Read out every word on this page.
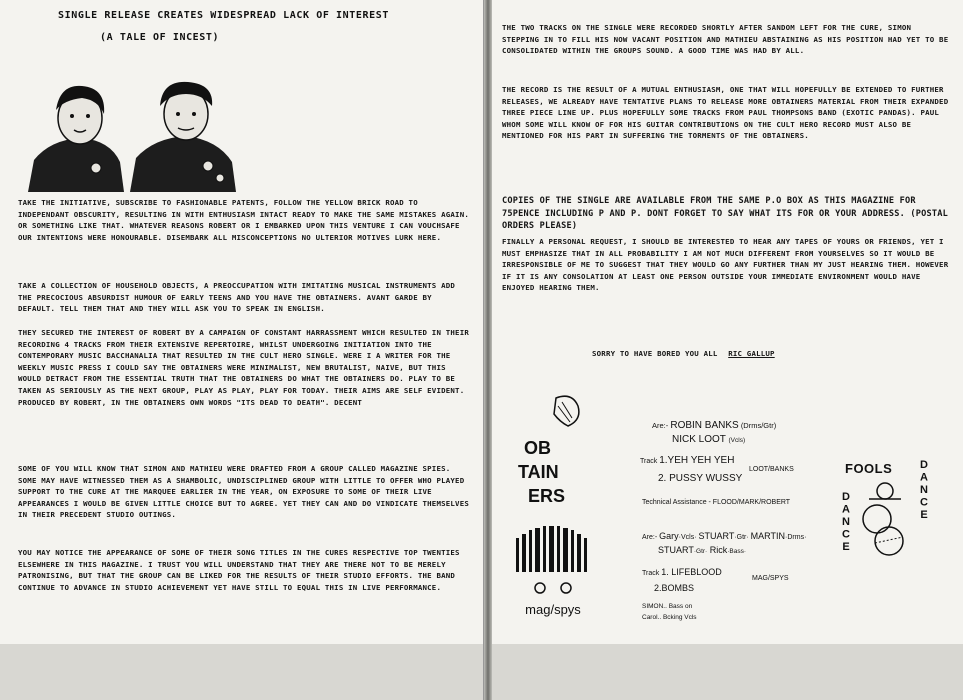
SINGLE RELEASE CREATES WIDESPREAD LACK OF INTEREST
(A TALE OF INCEST)

TAKE THE INITIATIVE, SUBSCRIBE TO FASHIONABLE PATENTS, FOLLOW THE YELLOW BRICK ROAD TO INDEPENDANT OBSCURITY, RESULTING IN WITH ENTHUSIASM INTACT READY TO MAKE THE SAME MISTAKES AGAIN. OR SOMETHING LIKE THAT. WHATEVER REASONS ROBERT OR I EMBARKED UPON THIS VENTURE I CAN VOUCHSAFE OUR INTENTIONS WERE HONOURABLE. DISEMBARK ALL MISCONCEPTIONS NO ULTERIOR MOTIVES LURK HERE.

TAKE A COLLECTION OF HOUSEHOLD OBJECTS, A PREOCCUPATION WITH IMITATING MUSICAL INSTRUMENTS ADD THE PRECOCIOUS ABSURDIST HUMOUR OF EARLY TEENS AND YOU HAVE THE OBTAINERS. AVANT GARDE BY DEFAULT. TELL THEM THAT AND THEY WILL ASK YOU TO SPEAK IN ENGLISH.

THEY SECURED THE INTEREST OF ROBERT BY A CAMPAIGN OF CONSTANT HARRASSMENT WHICH RESULTED IN THEIR RECORDING 4 TRACKS FROM THEIR EXTENSIVE REPERTOIRE, WHILST UNDERGOING INITIATION INTO THE CONTEMPORARY MUSIC BACCHANALIA THAT RESULTED IN THE CULT HERO SINGLE. WERE I A WRITER FOR THE WEEKLY MUSIC PRESS I COULD SAY THE OBTAINERS WERE MINIMALIST, NEW BRUTALIST, NAIVE, BUT THIS WOULD DETRACT FROM THE ESSENTIAL TRUTH THAT THE OBTAINERS DO WHAT THE OBTAINERS DO. PLAY TO BE TAKEN AS SERIOUSLY AS THE NEXT GROUP, PLAY AS PLAY, PLAY FOR TODAY. THEIR AIMS ARE SELF EVIDENT. PRODUCED BY ROBERT, IN THE OBTAINERS OWN WORDS "ITS DEAD TO DEATH". DECENT

SOME OF YOU WILL KNOW THAT SIMON AND MATHIEU WERE DRAFTED FROM A GROUP CALLED MAGAZINE SPIES. SOME MAY HAVE WITNESSED THEM AS A SHAMBOLIC, UNDISCIPLINED GROUP WITH LITTLE TO OFFER WHO PLAYED SUPPORT TO THE CURE AT THE MARQUEE EARLIER IN THE YEAR, ON EXPOSURE TO SOME OF THEIR LIVE APPEARANCES I WOULD BE GIVEN LITTLE CHOICE BUT TO AGREE. YET THEY CAN AND DO VINDICATE THEMSELVES IN THEIR PRECEDENT STUDIO OUTINGS.

YOU MAY NOTICE THE APPEARANCE OF SOME OF THEIR SONG TITLES IN THE CURES RESPECTIVE TOP TWENTIES ELSEWHERE IN THIS MAGAZINE. I TRUST YOU WILL UNDERSTAND THAT THEY ARE THERE NOT TO BE MERELY PATRONISING, BUT THAT THE GROUP CAN BE LIKED FOR THE RESULTS OF THEIR STUDIO EFFORTS. THE BAND CONTINUE TO ADVANCE IN STUDIO ACHIEVEMENT YET HAVE STILL TO EQUAL THIS IN LIVE PERFORMANCE.

THE TWO TRACKS ON THE SINGLE WERE RECORDED SHORTLY AFTER SANDOM LEFT FOR THE CURE, SIMON STEPPING IN TO FILL HIS NOW VACANT POSITION AND MATHIEU ABSTAINING AS HIS POSITION HAD YET TO BE CONSOLIDATED WITHIN THE GROUPS SOUND. A GOOD TIME WAS HAD BY ALL.

THE RECORD IS THE RESULT OF A MUTUAL ENTHUSIASM, ONE THAT WILL HOPEFULLY BE EXTENDED TO FURTHER RELEASES, WE ALREADY HAVE TENTATIVE PLANS TO RELEASE MORE OBTAINERS MATERIAL FROM THEIR EXPANDED THREE PIECE LINE UP. PLUS HOPEFULLY SOME TRACKS FROM PAUL THOMPSONS BAND (EXOTIC PANDAS). PAUL WHOM SOME WILL KNOW OF FOR HIS GUITAR CONTRIBUTIONS ON THE CULT HERO RECORD MUST ALSO BE MENTIONED FOR HIS PART IN SUFFERING THE TORMENTS OF THE OBTAINERS.

COPIES OF THE SINGLE ARE AVAILABLE FROM THE SAME P.O BOX AS THIS MAGAZINE FOR 75PENCE INCLUDING P AND P. DONT FORGET TO SAY WHAT ITS FOR OR YOUR ADDRESS. (POSTAL ORDERS PLEASE)

FINALLY A PERSONAL REQUEST, I SHOULD BE INTERESTED TO HEAR ANY TAPES OF YOURS OR FRIENDS, YET I MUST EMPHASIZE THAT IN ALL PROBABILITY I AM NOT MUCH DIFFERENT FROM YOURSELVES SO IT WOULD BE IRRESPONSIBLE OF ME TO SUGGEST THAT THEY WOULD GO ANY FURTHER THAN MY JUST HEARING THEM. HOWEVER IF IT IS ANY CONSOLATION AT LEAST ONE PERSON OUTSIDE YOUR IMMEDIATE ENVIRONMENT WOULD HAVE ENJOYED HEARING THEM.

SORRY TO HAVE BORED YOU ALL RIC GALLUP
OB
TAIN
ERS
mag/spys
Are:- ROBIN BANKS (Drms/Gtr)
NICK LOOT (Vcls)
Track 1.YEH YEH YEH
LOOT/BANKS
2. PUSSY WUSSY
Technical Assistance - FLOOD/MARK/ROBERT
Are:- Gary·Vcls· STUART·Gtr· MARTIN·Drms·
STUART·Gtr· Rick·Bass·
Track 1. LIFEBLOOD
2.BOMBS
MAG/SPYS
SIMON.. Bass on
Carol.. Bcking Vcls
FOOLS DANCE
DANCE
